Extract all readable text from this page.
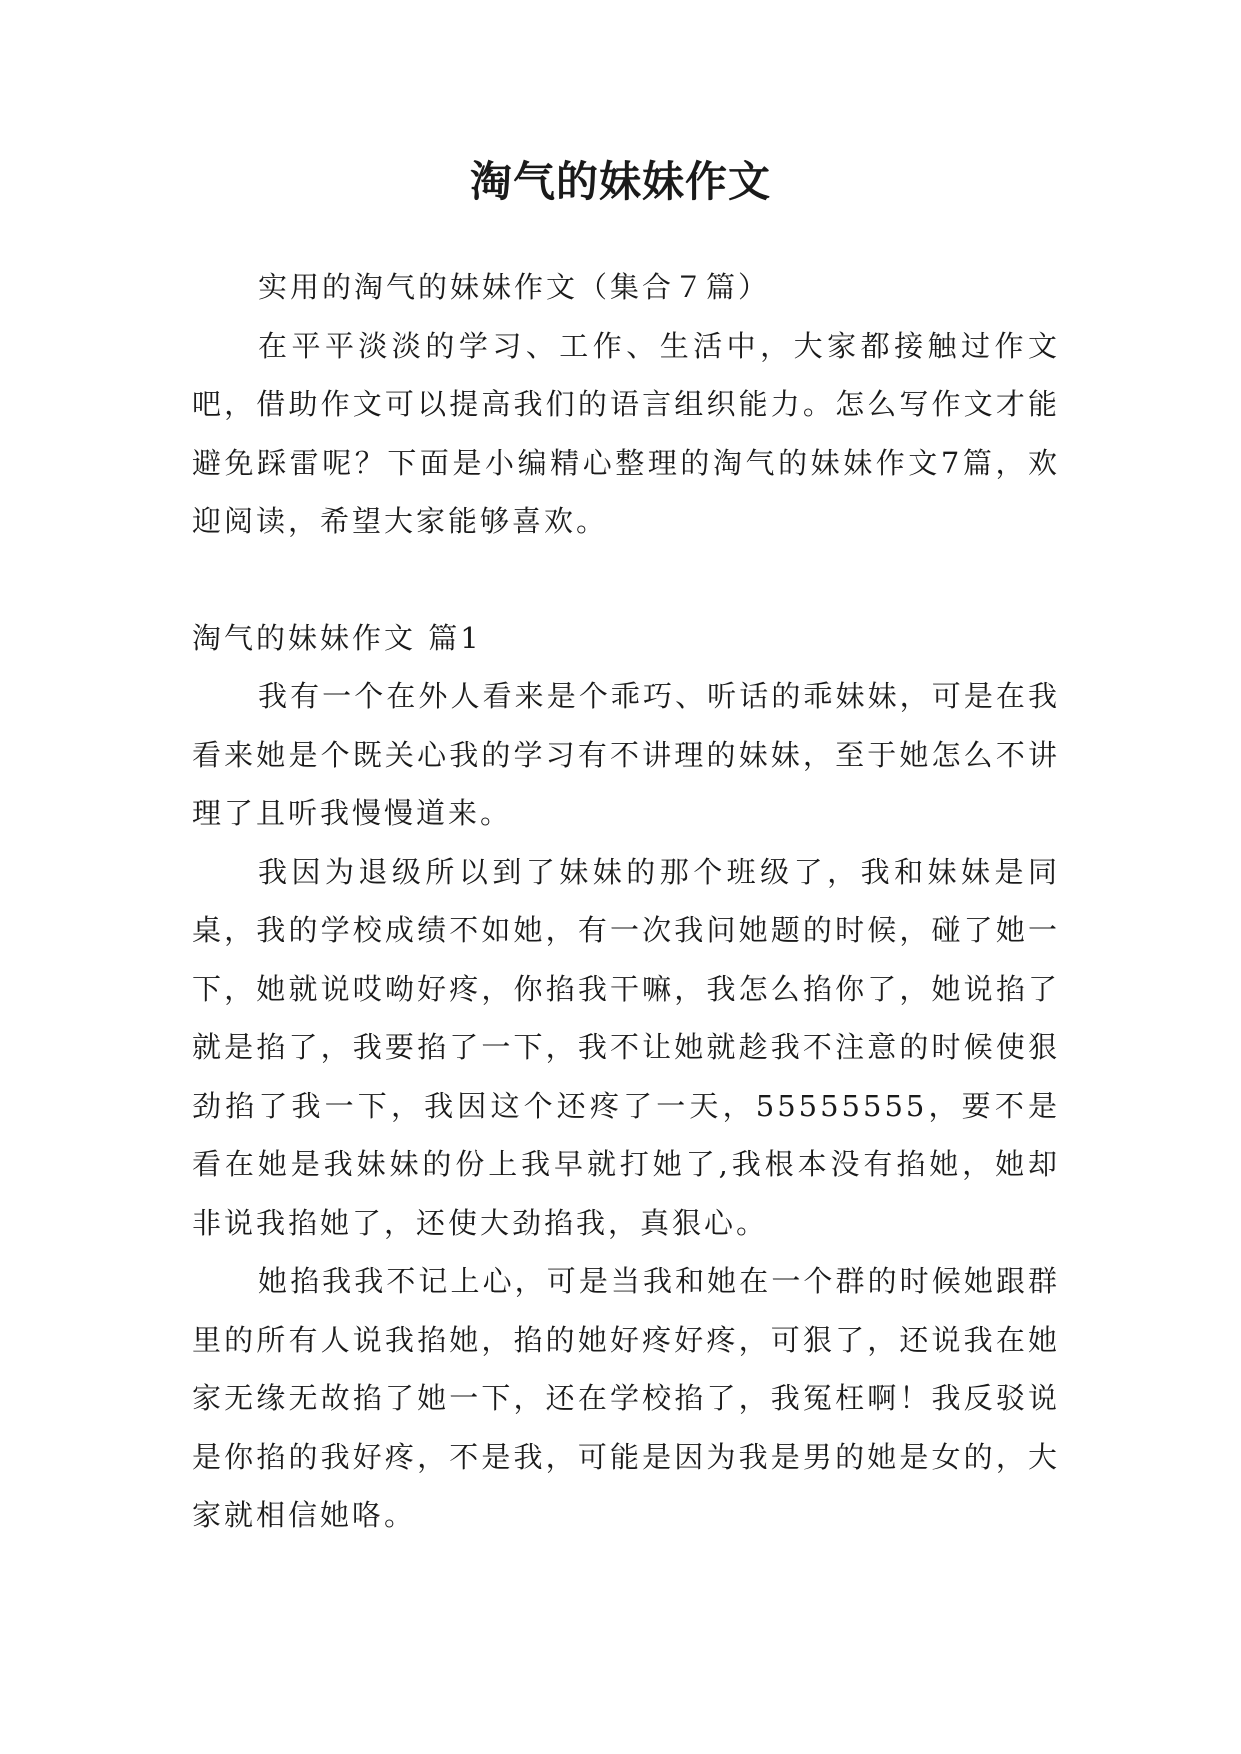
淘气的妹妹作文

实用的淘气的妹妹作文（集合７篇）

在平平淡淡的学习、工作、生活中，大家都接触过作文吧，借助作文可以提高我们的语言组织能力。怎么写作文才能避免踩雷呢？下面是小编精心整理的淘气的妹妹作文7篇，欢迎阅读，希望大家能够喜欢。

淘气的妹妹作文 篇1

我有一个在外人看来是个乖巧、听话的乖妹妹，可是在我看来她是个既关心我的学习有不讲理的妹妹，至于她怎么不讲理了且听我慢慢道来。

我因为退级所以到了妹妹的那个班级了，我和妹妹是同桌，我的学校成绩不如她，有一次我问她题的时候，碰了她一下，她就说哎呦好疼，你掐我干嘛，我怎么掐你了，她说掐了就是掐了，我要掐了一下，我不让她就趁我不注意的时候使狠劲掐了我一下，我因这个还疼了一天，55555555，要不是看在她是我妹妹的份上我早就打她了,我根本没有掐她，她却非说我掐她了，还使大劲掐我，真狠心。

她掐我我不记上心，可是当我和她在一个群的时候她跟群里的所有人说我掐她，掐的她好疼好疼，可狠了，还说我在她家无缘无故掐了她一下，还在学校掐了，我冤枉啊！我反驳说是你掐的我好疼，不是我，可能是因为我是男的她是女的，大家就相信她咯。
